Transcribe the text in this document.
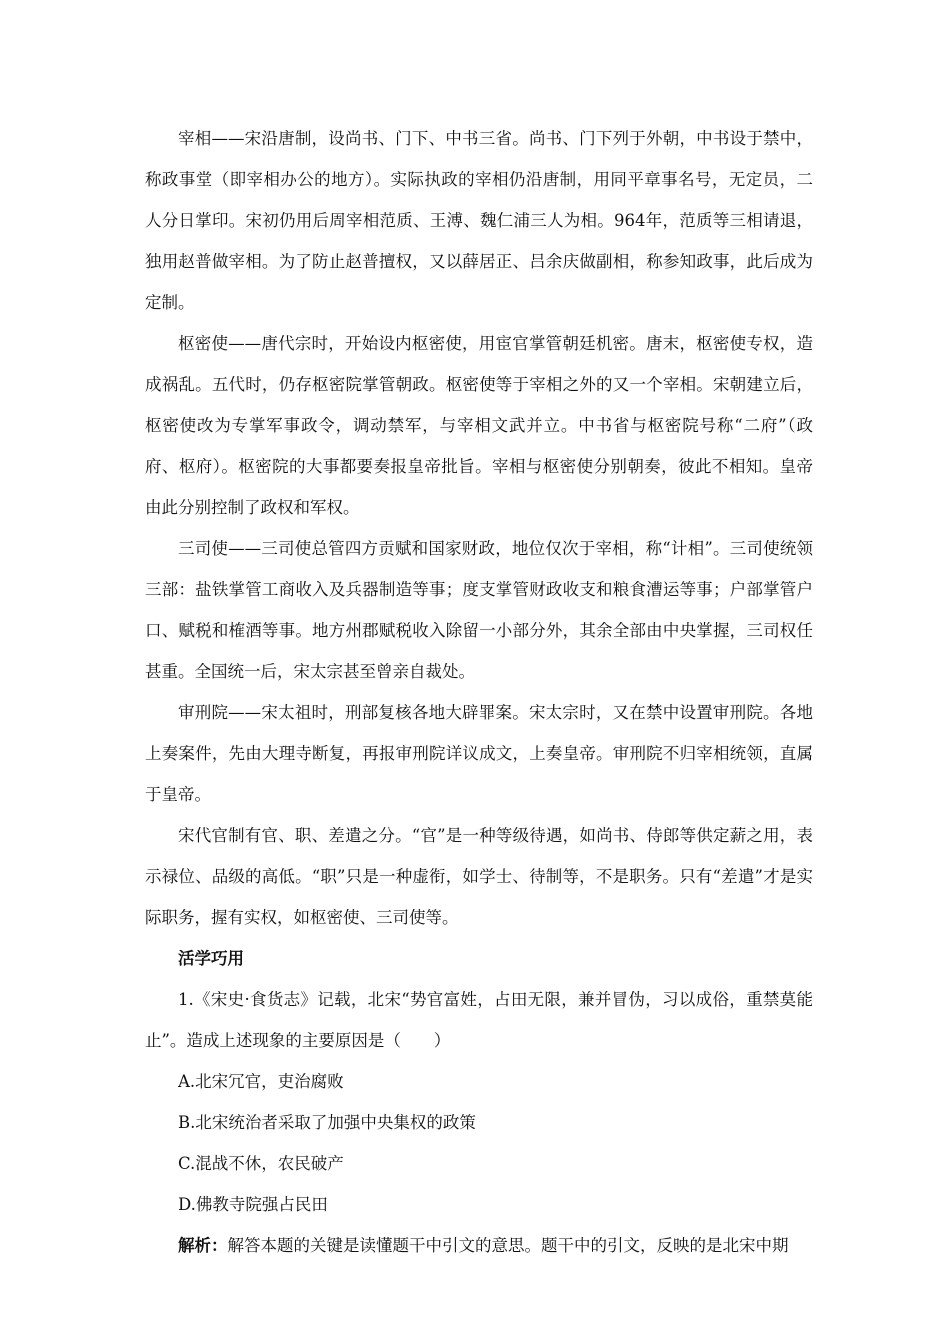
宰相——宋沿唐制，设尚书、门下、中书三省。尚书、门下列于外朝，中书设于禁中，称政事堂（即宰相办公的地方）。实际执政的宰相仍沿唐制，用同平章事名号，无定员，二人分日掌印。宋初仍用后周宰相范质、王溥、魏仁浦三人为相。964年，范质等三相请退，独用赵普做宰相。为了防止赵普擅权，又以薛居正、吕余庆做副相，称参知政事，此后成为定制。

枢密使——唐代宗时，开始设内枢密使，用宦官掌管朝廷机密。唐末，枢密使专权，造成祸乱。五代时，仍存枢密院掌管朝政。枢密使等于宰相之外的又一个宰相。宋朝建立后，枢密使改为专掌军事政令，调动禁军，与宰相文武并立。中书省与枢密院号称“二府”（政府、枢府）。枢密院的大事都要奏报皇帝批旨。宰相与枢密使分别朝奏，彼此不相知。皇帝由此分别控制了政权和军权。

三司使——三司使总管四方贡赋和国家财政，地位仅次于宰相，称“计相”。三司使统领三部：盐铁掌管工商收入及兵器制造等事；度支掌管财政收支和粮食漕运等事；户部掌管户口、赋税和榷酒等事。地方州郡赋税收入除留一小部分外，其余全部由中央掌握，三司权任甚重。全国统一后，宋太宗甚至曾亲自裁处。

审刑院——宋太祖时，刑部复核各地大辟罪案。宋太宗时，又在禁中设置审刑院。各地上奏案件，先由大理寺断复，再报审刑院详议成文，上奏皇帝。审刑院不归宰相统领，直属于皇帝。

宋代官制有官、职、差遣之分。“官”是一种等级待遇，如尚书、侍郎等供定薪之用，表示禄位、品级的高低。“职”只是一种虚衔，如学士、待制等，不是职务。只有“差遣”才是实际职务，握有实权，如枢密使、三司使等。

活学巧用

1.《宋史·食货志》记载，北宋“势官富姓，占田无限，兼并冒伪，习以成俗，重禁莫能止”。造成上述现象的主要原因是（　　）

A.北宋冗官，吏治腐败

B.北宋统治者采取了加强中央集权的政策

C.混战不休，农民破产

D.佛教寺院强占民田

解析：解答本题的关键是读懂题干中引文的意思。题干中的引文，反映的是北宋中期
